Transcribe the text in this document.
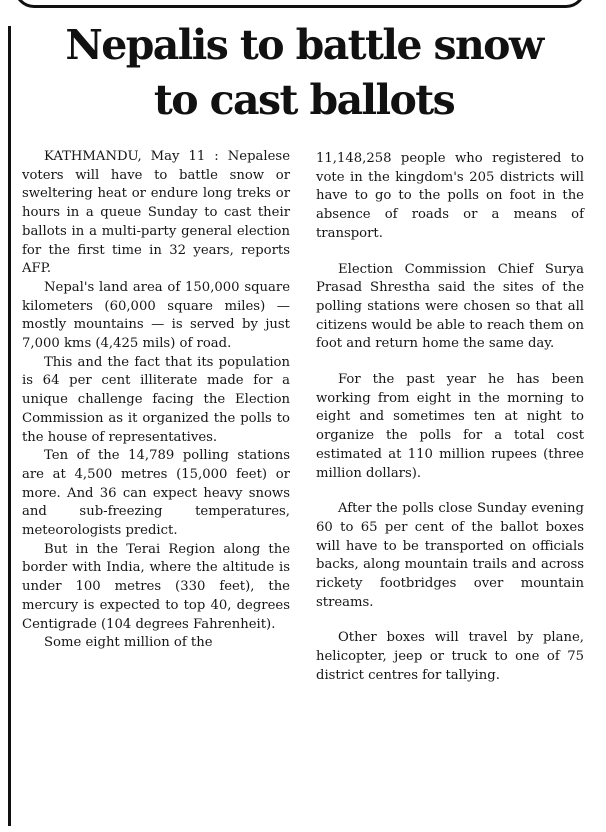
Nepalis to battle snow
to cast ballots

KATHMANDU, May 11 : Nepalese voters will have to battle snow or sweltering heat or endure long treks or hours in a queue Sunday to cast their ballots in a multi-party general election for the first time in 32 years, reports AFP.

Nepal's land area of 150,000 square kilometers (60,000 square miles) — mostly mountains — is served by just 7,000 kms (4,425 mils) of road.

This and the fact that its population is 64 per cent illiterate made for a unique challenge facing the Election Commission as it organized the polls to the house of representatives.

Ten of the 14,789 polling stations are at 4,500 metres (15,000 feet) or more. And 36 can expect heavy snows and sub-freezing temperatures, meteorologists predict.

But in the Terai Region along the border with India, where the altitude is under 100 metres (330 feet), the mercury is expected to top 40, degrees Centigrade (104 degrees Fahrenheit).

Some eight million of the

11,148,258 people who registered to vote in the kingdom's 205 districts will have to go to the polls on foot in the absence of roads or a means of transport.

Election Commission Chief Surya Prasad Shrestha said the sites of the polling stations were chosen so that all citizens would be able to reach them on foot and return home the same day.

For the past year he has been working from eight in the morning to eight and sometimes ten at night to organize the polls for a total cost estimated at 110 million rupees (three million dollars).

After the polls close Sunday evening 60 to 65 per cent of the ballot boxes will have to be transported on officials backs, along mountain trails and across rickety footbridges over mountain streams.

Other boxes will travel by plane, helicopter, jeep or truck to one of 75 district centres for tallying.
